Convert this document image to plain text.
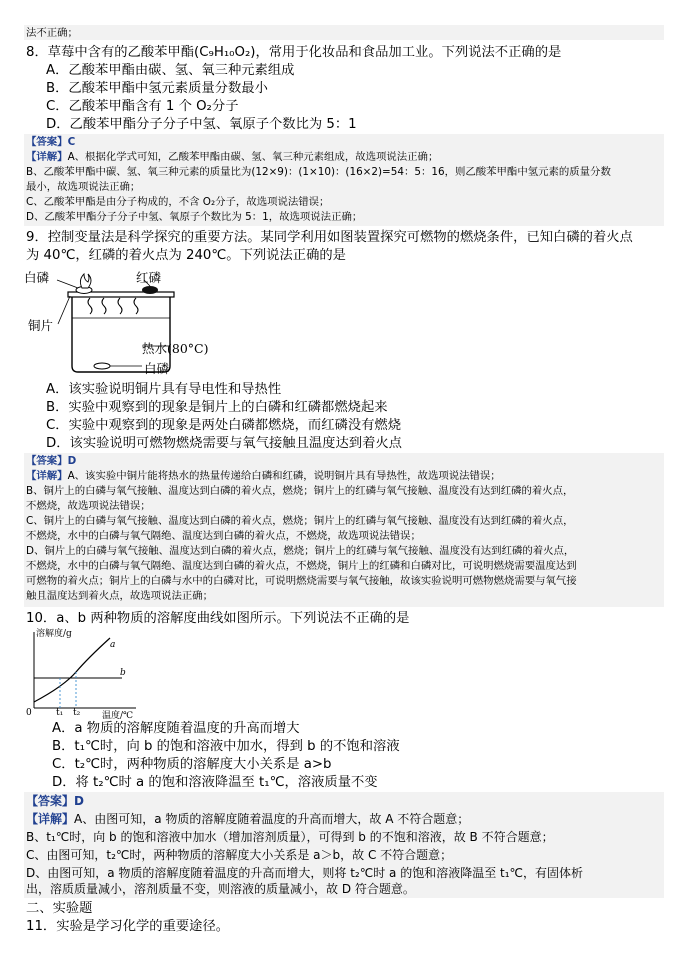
法不正确；
8．草莓中含有的乙酸苯甲酯(C₉H₁₀O₂)，常用于化妆品和食品加工业。下列说法不正确的是
A．乙酸苯甲酯由碳、氢、氧三种元素组成
B．乙酸苯甲酯中氢元素质量分数最小
C．乙酸苯甲酯含有 1 个 O₂分子
D．乙酸苯甲酯分子分子中氢、氧原子个数比为 5：1
【答案】C
【详解】A、根据化学式可知，乙酸苯甲酯由碳、氢、氧三种元素组成，故选项说法正确；
B、乙酸苯甲酯中碳、氢、氧三种元素的质量比为(12×9)：(1×10)：(16×2)=54：5：16，则乙酸苯甲酯中氢元素的质量分数
最小，故选项说法正确；
C、乙酸苯甲酯是由分子构成的，不含 O₂分子，故选项说法错误；
D、乙酸苯甲酯分子分子中氢、氧原子个数比为 5：1，故选项说法正确；
9．控制变量法是科学探究的重要方法。某同学利用如图装置探究可燃物的燃烧条件，已知白磷的着火点
为 40℃，红磷的着火点为 240℃。下列说法正确的是
白磷	红磷
铜片
热水(80°C)
白磷
A．该实验说明铜片具有导电性和导热性
B．实验中观察到的现象是铜片上的白磷和红磷都燃烧起来
C．实验中观察到的现象是两处白磷都燃烧，而红磷没有燃烧
D．该实验说明可燃物燃烧需要与氧气接触且温度达到着火点
【答案】D
【详解】A、该实验中铜片能将热水的热量传递给白磷和红磷，说明铜片具有导热性，故选项说法错误；
B、铜片上的白磷与氧气接触、温度达到白磷的着火点，燃烧；铜片上的红磷与氧气接触、温度没有达到红磷的着火点，
不燃烧，故选项说法错误；
C、铜片上的白磷与氧气接触、温度达到白磷的着火点，燃烧；铜片上的红磷与氧气接触、温度没有达到红磷的着火点，
不燃烧，水中的白磷与氧气隔绝、温度达到白磷的着火点，不燃烧，故选项说法错误；
D、铜片上的白磷与氧气接触、温度达到白磷的着火点，燃烧；铜片上的红磷与氧气接触、温度没有达到红磷的着火点，
不燃烧，水中的白磷与氧气隔绝、温度达到白磷的着火点，不燃烧，铜片上的红磷和白磷对比，可说明燃烧需要温度达到
可燃物的着火点；铜片上的白磷与水中的白磷对比，可说明燃烧需要与氧气接触，故该实验说明可燃物燃烧需要与氧气接
触且温度达到着火点，故选项说法正确；
10．a、b 两种物质的溶解度曲线如图所示。下列说法不正确的是
溶解度/g
温度/℃
0	t₁ t₂
a
b
A．a 物质的溶解度随着温度的升高而增大
B．t₁℃时，向 b 的饱和溶液中加水，得到 b 的不饱和溶液
C．t₂℃时，两种物质的溶解度大小关系是 a>b
D．将 t₂℃时 a 的饱和溶液降温至 t₁℃，溶液质量不变
【答案】D
【详解】A、由图可知，a 物质的溶解度随着温度的升高而增大，故 A 不符合题意；
B、t₁℃时，向 b 的饱和溶液中加水（增加溶剂质量），可得到 b 的不饱和溶液，故 B 不符合题意；
C、由图可知，t₂℃时，两种物质的溶解度大小关系是 a＞b，故 C 不符合题意；
D、由图可知，a 物质的溶解度随着温度的升高而增大，则将 t₂℃时 a 的饱和溶液降温至 t₁℃，有固体析
出，溶质质量减小，溶剂质量不变，则溶液的质量减小，故 D 符合题意。
二、实验题
11．实验是学习化学的重要途径。
